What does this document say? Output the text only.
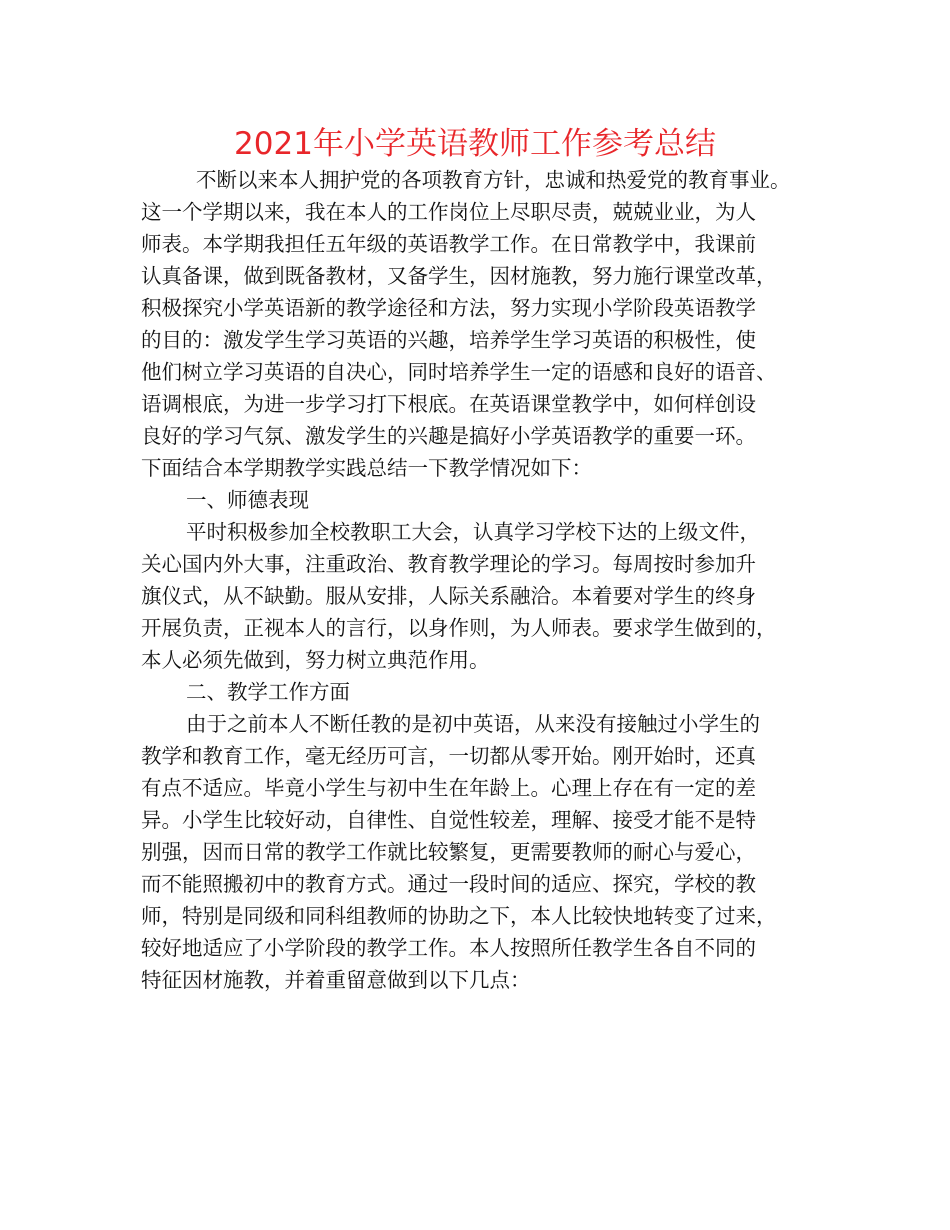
2021年小学英语教师工作参考总结
不断以来本人拥护党的各项教育方针，忠诚和热爱党的教育事业。
这一个学期以来，我在本人的工作岗位上尽职尽责，兢兢业业，为人
师表。本学期我担任五年级的英语教学工作。在日常教学中，我课前
认真备课，做到既备教材，又备学生，因材施教，努力施行课堂改革，
积极探究小学英语新的教学途径和方法，努力实现小学阶段英语教学
的目的：激发学生学习英语的兴趣，培养学生学习英语的积极性，使
他们树立学习英语的自决心，同时培养学生一定的语感和良好的语音、
语调根底，为进一步学习打下根底。在英语课堂教学中，如何样创设
良好的学习气氛、激发学生的兴趣是搞好小学英语教学的重要一环。
下面结合本学期教学实践总结一下教学情况如下：
一、师德表现
平时积极参加全校教职工大会，认真学习学校下达的上级文件，
关心国内外大事，注重政治、教育教学理论的学习。每周按时参加升
旗仪式，从不缺勤。服从安排，人际关系融洽。本着要对学生的终身
开展负责，正视本人的言行，以身作则，为人师表。要求学生做到的，
本人必须先做到，努力树立典范作用。
二、教学工作方面
由于之前本人不断任教的是初中英语，从来没有接触过小学生的
教学和教育工作，毫无经历可言，一切都从零开始。刚开始时，还真
有点不适应。毕竟小学生与初中生在年龄上。心理上存在有一定的差
异。小学生比较好动，自律性、自觉性较差，理解、接受才能不是特
别强，因而日常的教学工作就比较繁复，更需要教师的耐心与爱心，
而不能照搬初中的教育方式。通过一段时间的适应、探究，学校的教
师，特别是同级和同科组教师的协助之下，本人比较快地转变了过来，
较好地适应了小学阶段的教学工作。本人按照所任教学生各自不同的
特征因材施教，并着重留意做到以下几点：
